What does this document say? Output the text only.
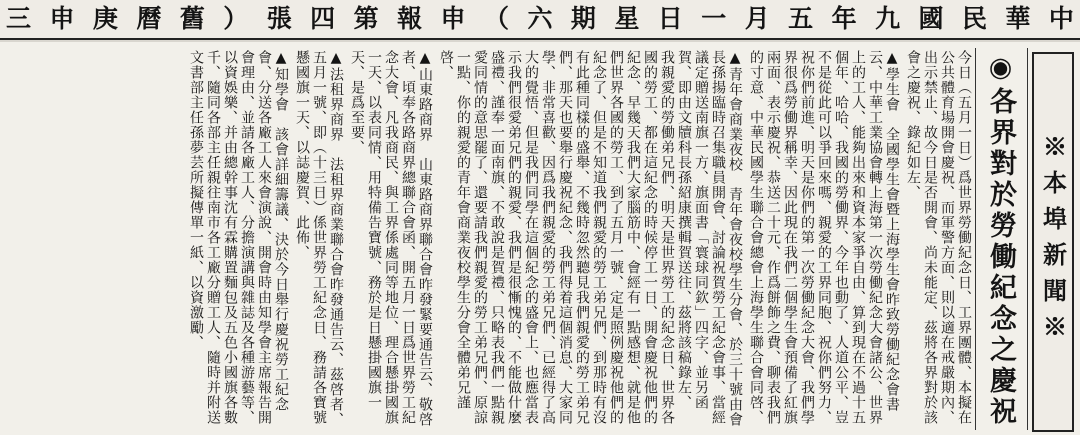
中
華
民
國
九
年
五
月
一
日
星
期
六
（
申
報
第
四
張
）
舊
曆
庚
申
三
※本埠新聞※
◉各界對於勞働紀念之慶祝

今日（五月一日）爲世界勞働紀念日、工界團體、本擬在公共體育場開會慶祝、而軍警方面、則以適在戒嚴期內、出示禁止、故今日是否開會、尚未能定、茲將各界對於該會之慶祝、錄紀如左、

▲學生會　全國學生會暨上海學生會昨致勞働紀念會書云、中華工業協會轉上海第一次勞働紀念大會諸公、世界上的工人、能夠出來和資本家爭自由、算到現在不過十五個年、哈哈、我國的勞働界、今年也動了、人道公平、豈不是從此可以爭回來嗎、親愛的工界同胞、祝你們努力、祝你們前進、明天是你們的第一次勞働紀念大會、我們學界很爲勞働界稱幸、因此現在我們二個學生會預備了紅旗兩面、表示慶祝、恭送二十元、作爲餅飾之費、聊表我們的寸意、中華民國學生聯合會總會上海學生聯合會同啓、

▲青年會商業夜校　青年會夜校學生分會、於三十號由會長孫揚臨時召集職員開會、討論祝賀勞工紀念會事、當經議定贈送南旗一方、旗面書「寰球同欽」四字、並另函賀、即由文牘科長孫紹康撰輯賀送往、茲將該稿錄左、　我親愛的勞働弟兄們、明天是世界勞工的紀念日、世界各國的勞工、都在這紀念的時候停工一日、開會慶祝他們的紀念、早幾天我們大家腦筋中、會經有一點感想、就是他們世界各國的勞工、到了五月一號、定是照例慶祝他們的紀念了、但是不知道我們親愛的勞工弟兄們、到那時有沒有此種同樣的盛舉、不幾時忽然聽見我們親愛的勞工弟兄們、那天也要舉行慶祝紀念、我們得着這個消息、大家同學、非常喜歡、因爲我們親愛的勞工弟兄們、已經得了高大的覺悟、但是我們同學在這個紀念的盛會上、也應當表示我們很愛弟兄們的親愛、我們是很慚愧的、不能做什麼盛禮、謹奉一面南旗、不敢說是賀禮、只略表我們一點親愛同情的意思罷了、還要請我們親愛的勞工弟兄們、原諒一點、你的親愛的青年會商業夜校學生分會全體弟兄謹啓、

▲山東路商界　山東路商界聯合會昨發緊要通告云、敬啓者、頃奉各路商界總聯合會函、開五月一日爲世界勞工紀念大會、凡我商民、與工界係處同等地位、理合懸掛國旗一天、以表同情、用特備告寶號、務於是日懸掛國旗一天、是爲至要、

▲法租界商界　法租界商業聯合會昨發通告云、茲啓者、五月一號、即（十三日）係世界勞工紀念日、務請各寶號懸國旗一天、以誌慶賀、此佈、

▲知學會　該會詳細籌議、決於今日舉行慶祝勞工紀念會、分送各廠工人來會演說、開會時由知學會主席報告開會理由、並請各廠工人、分擔演講與雜誌及各種游藝等、以資娛樂、并由總幹事沈有霖購置麵包及五色小國旗各數千、隨同各部主任親往南市各工廠分贈工人、隨時并附送文書部主任孫夢芸所擬傳單一紙、以資激勵、
